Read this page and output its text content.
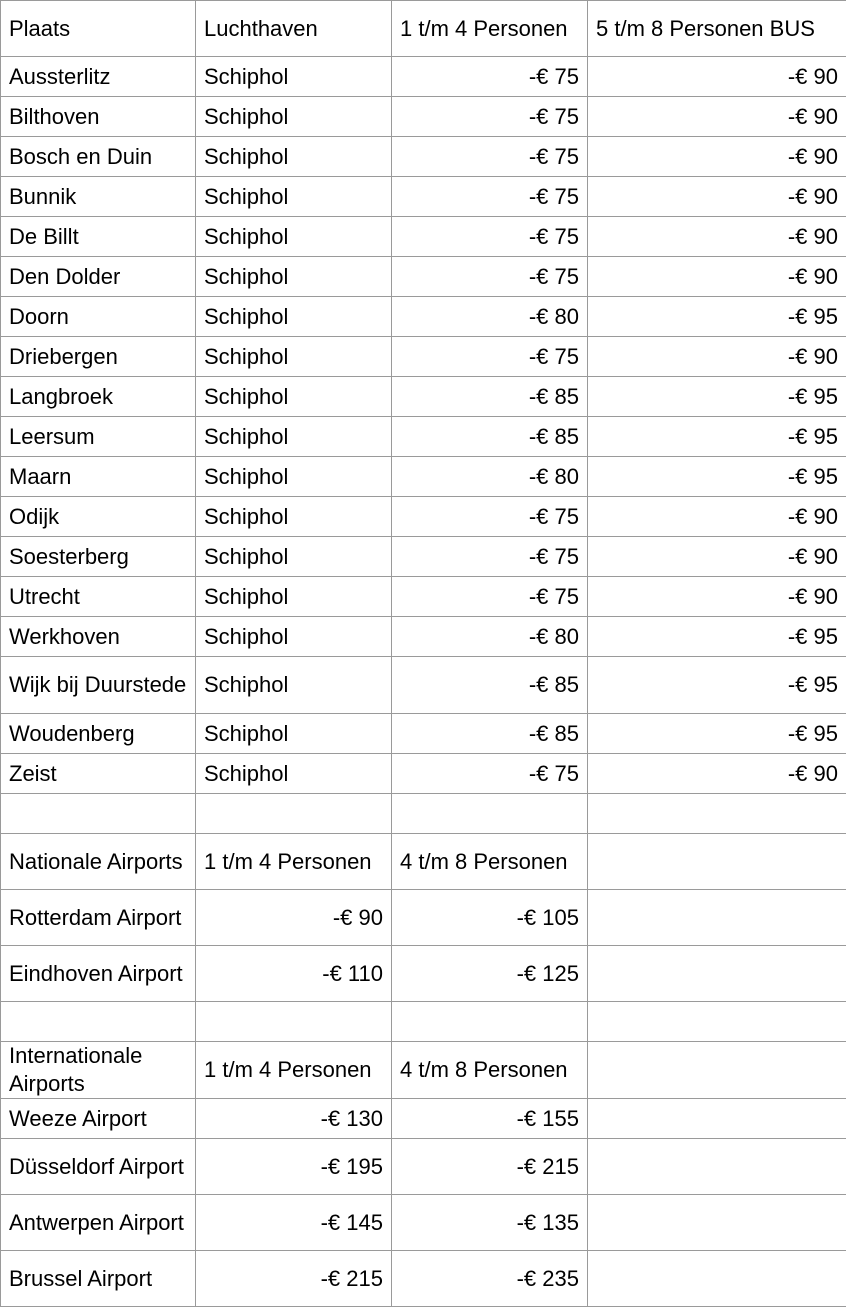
Plaats	Luchthaven	1 t/m 4 Personen	5 t/m 8 Personen BUS
Aussterlitz	Schiphol	-€ 75	-€ 90
Bilthoven	Schiphol	-€ 75	-€ 90
Bosch en Duin	Schiphol	-€ 75	-€ 90
Bunnik	Schiphol	-€ 75	-€ 90
De Billt	Schiphol	-€ 75	-€ 90
Den Dolder	Schiphol	-€ 75	-€ 90
Doorn	Schiphol	-€ 80	-€ 95
Driebergen	Schiphol	-€ 75	-€ 90
Langbroek	Schiphol	-€ 85	-€ 95
Leersum	Schiphol	-€ 85	-€ 95
Maarn	Schiphol	-€ 80	-€ 95
Odijk	Schiphol	-€ 75	-€ 90
Soesterberg	Schiphol	-€ 75	-€ 90
Utrecht	Schiphol	-€ 75	-€ 90
Werkhoven	Schiphol	-€ 80	-€ 95
Wijk bij Duurstede	Schiphol	-€ 85	-€ 95
Woudenberg	Schiphol	-€ 85	-€ 95
Zeist	Schiphol	-€ 75	-€ 90

Nationale Airports	1 t/m 4 Personen	4 t/m 8 Personen	
Rotterdam Airport	-€ 90	-€ 105	
Eindhoven Airport	-€ 110	-€ 125	

Internationale Airports	1 t/m 4 Personen	4 t/m 8 Personen	
Weeze Airport	-€ 130	-€ 155	
Düsseldorf Airport	-€ 195	-€ 215	
Antwerpen Airport	-€ 145	-€ 135	
Brussel Airport	-€ 215	-€ 235	
